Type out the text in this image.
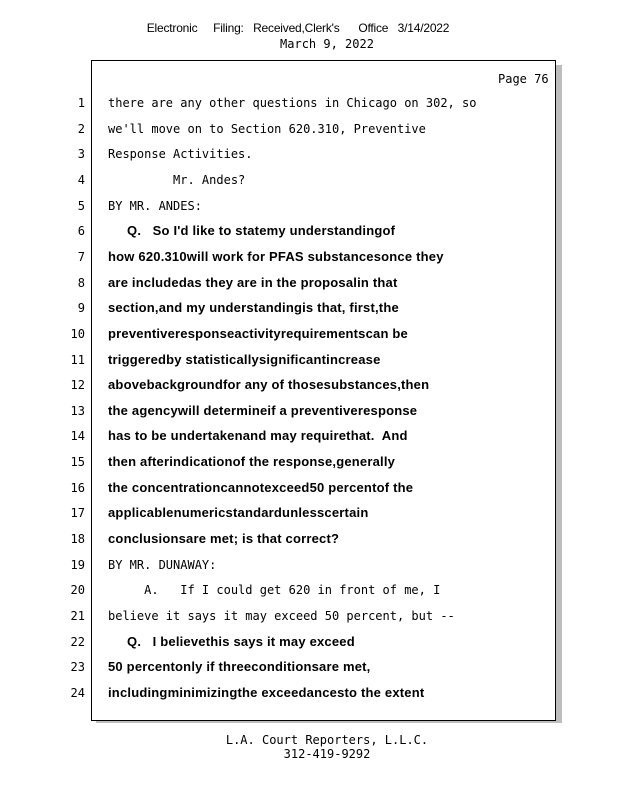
Electronic     Filing:   Received,Clerk's      Office   3/14/2022
March 9, 2022
Page 76
1 there are any other questions in Chicago on 302, so
2 we'll move on to Section 620.310, Preventive
3 Response Activities.
4 Mr. Andes?
5 BY MR. ANDES:
6 Q.   So I'd like to statemy understandingof
7 how 620.310will work for PFAS substancesonce they
8 are includedas they are in the proposalin that
9 section,and my understandingis that, first,the
10 preventiveresponseactivityrequirementscan be
11 triggeredby statisticallysignificantincrease
12 abovebackgroundfor any of thosesubstances,then
13 the agencywill determineif a preventiveresponse
14 has to be undertakenand may requirethat.  And
15 then afterindicationof the response,generally
16 the concentrationcannotexceed50 percentof the
17 applicablenumericstandardunlesscertain
18 conclusionsare met; is that correct?
19 BY MR. DUNAWAY:
20 A.   If I could get 620 in front of me, I
21 believe it says it may exceed 50 percent, but --
22 Q.   I believethis says it may exceed
23 50 percentonly if threeconditionsare met,
24 includingminimizingthe exceedancesto the extent
L.A. Court Reporters, L.L.C.
312-419-9292
